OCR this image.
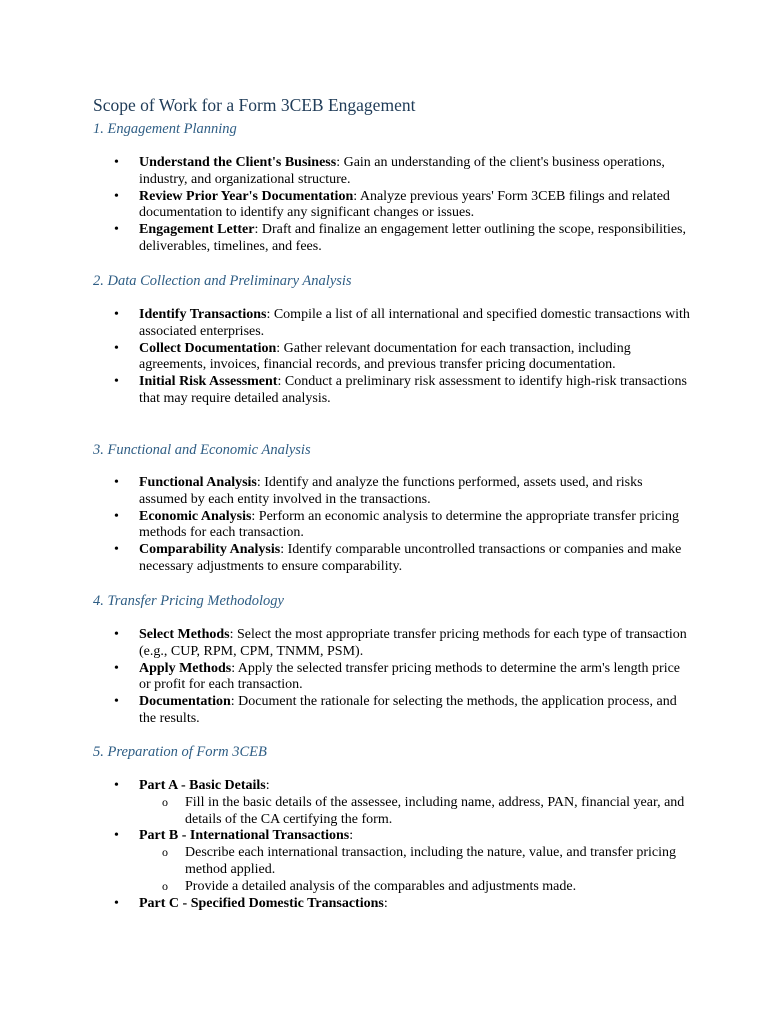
Scope of Work for a Form 3CEB Engagement
1. Engagement Planning
• Understand the Client's Business: Gain an understanding of the client's business operations, industry, and organizational structure.
• Review Prior Year's Documentation: Analyze previous years' Form 3CEB filings and related documentation to identify any significant changes or issues.
• Engagement Letter: Draft and finalize an engagement letter outlining the scope, responsibilities, deliverables, timelines, and fees.
2. Data Collection and Preliminary Analysis
• Identify Transactions: Compile a list of all international and specified domestic transactions with associated enterprises.
• Collect Documentation: Gather relevant documentation for each transaction, including agreements, invoices, financial records, and previous transfer pricing documentation.
• Initial Risk Assessment: Conduct a preliminary risk assessment to identify high-risk transactions that may require detailed analysis.
3. Functional and Economic Analysis
• Functional Analysis: Identify and analyze the functions performed, assets used, and risks assumed by each entity involved in the transactions.
• Economic Analysis: Perform an economic analysis to determine the appropriate transfer pricing methods for each transaction.
• Comparability Analysis: Identify comparable uncontrolled transactions or companies and make necessary adjustments to ensure comparability.
4. Transfer Pricing Methodology
• Select Methods: Select the most appropriate transfer pricing methods for each type of transaction (e.g., CUP, RPM, CPM, TNMM, PSM).
• Apply Methods: Apply the selected transfer pricing methods to determine the arm's length price or profit for each transaction.
• Documentation: Document the rationale for selecting the methods, the application process, and the results.
5. Preparation of Form 3CEB
• Part A - Basic Details:
o Fill in the basic details of the assessee, including name, address, PAN, financial year, and details of the CA certifying the form.
• Part B - International Transactions:
o Describe each international transaction, including the nature, value, and transfer pricing method applied.
o Provide a detailed analysis of the comparables and adjustments made.
• Part C - Specified Domestic Transactions:
